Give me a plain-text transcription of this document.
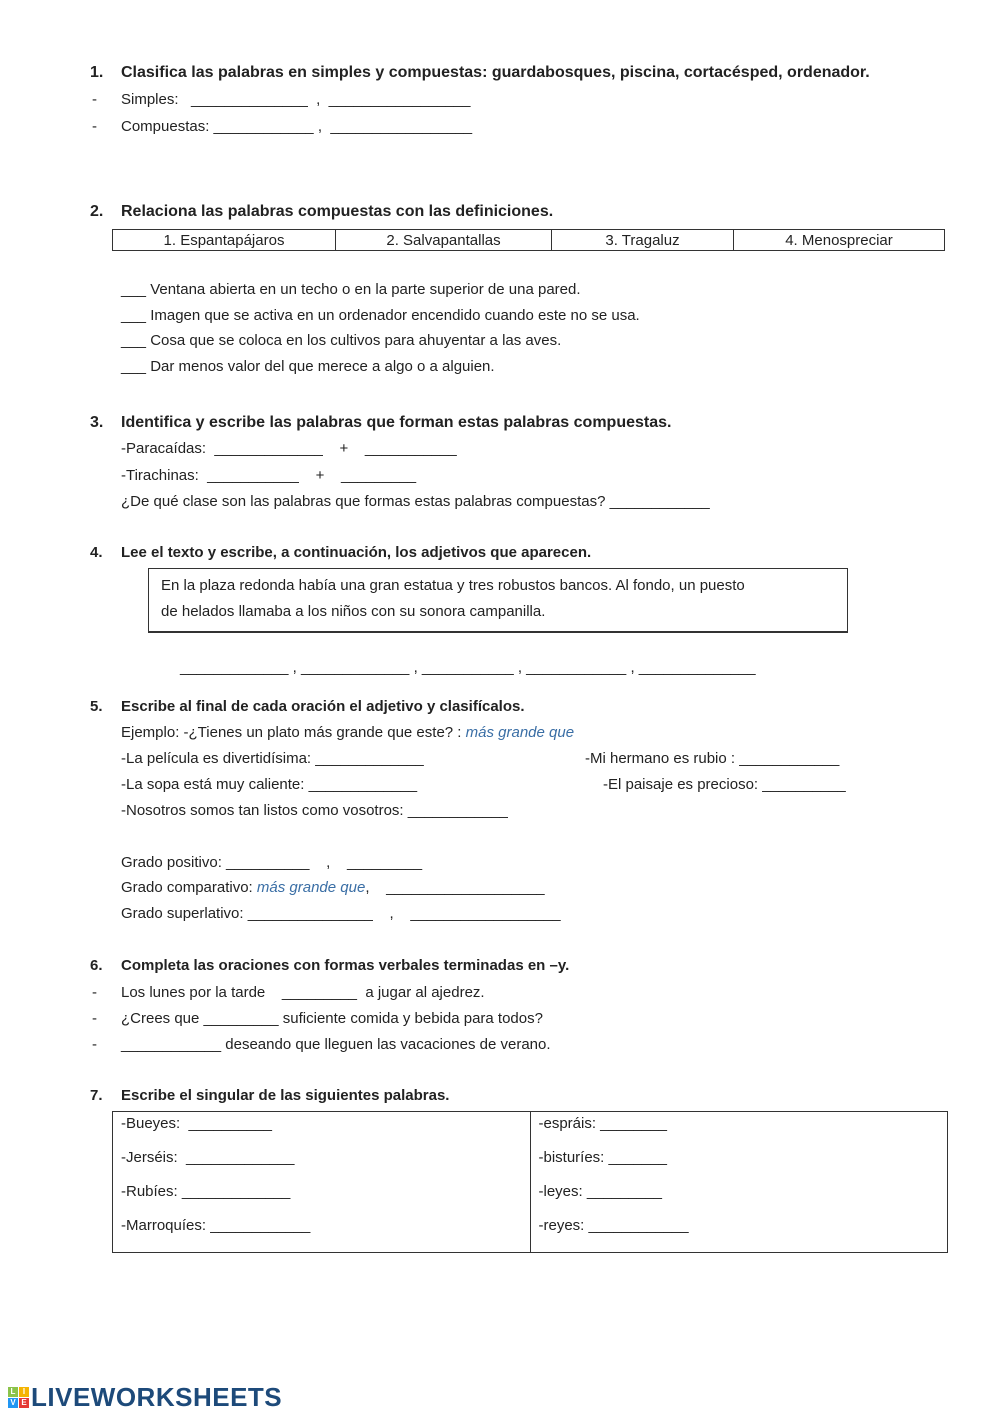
1. Clasifica las palabras en simples y compuestas: guardabosques, piscina, cortacésped, ordenador.
- Simples:   ______________  ,  _________________
- Compuestas: ____________ ,  _________________
2. Relaciona las palabras compuestas con las definiciones.
1. Espantapájaros	2. Salvapantallas	3. Tragaluz	4. Menospreciar
___ Ventana abierta en un techo o en la parte superior de una pared.
___ Imagen que se activa en un ordenador encendido cuando este no se usa.
___ Cosa que se coloca en los cultivos para ahuyentar a las aves.
___ Dar menos valor del que merece a algo o a alguien.
3. Identifica y escribe las palabras que forman estas palabras compuestas.
-Paracaídas:  _____________    +    ___________
-Tirachinas:  ___________    +    _________
¿De qué clase son las palabras que formas estas palabras compuestas? ____________
4. Lee el texto y escribe, a continuación, los adjetivos que aparecen.
En la plaza redonda había una gran estatua y tres robustos bancos. Al fondo, un puesto
de helados llamaba a los niños con su sonora campanilla.
_____________ , _____________ , ___________ , ____________ , ______________
5. Escribe al final de cada oración el adjetivo y clasifícalos.
Ejemplo: -¿Tienes un plato más grande que este? : más grande que
-La película es divertidísima: _____________	-Mi hermano es rubio : ____________
-La sopa está muy caliente: _____________	-El paisaje es precioso: __________
-Nosotros somos tan listos como vosotros: ____________
Grado positivo: __________    ,    _________
Grado comparativo: más grande que,    ___________________
Grado superlativo: _______________    ,    __________________
6. Completa las oraciones con formas verbales terminadas en –y.
- Los lunes por la tarde    _________  a jugar al ajedrez.
- ¿Crees que _________ suficiente comida y bebida para todos?
- ____________ deseando que lleguen las vacaciones de verano.
7. Escribe el singular de las siguientes palabras.
-Bueyes:  __________
-Jerséis:  _____________
-Rubíes: _____________
-Marroquíes: ____________

-espráis: ________
-bisturíes: _______
-leyes: _________
-reyes: ____________
L I
V E LIVEWORKSHEETS
